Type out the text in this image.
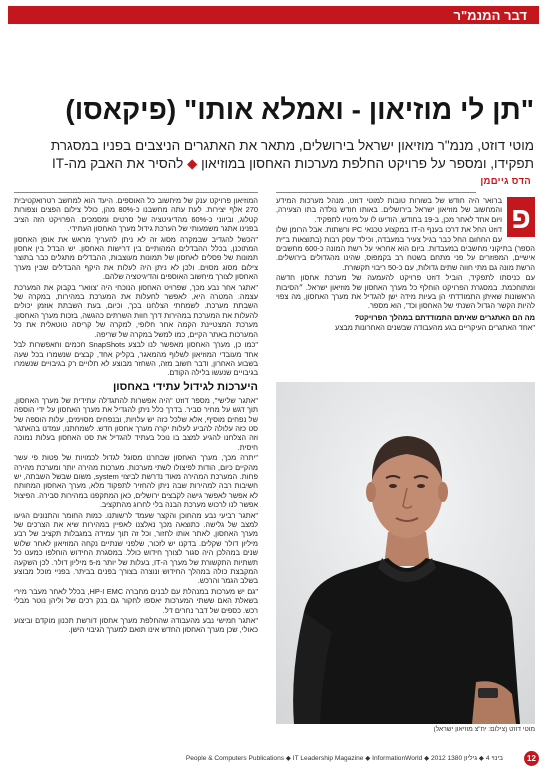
דבר המנמ"ר
"תן לי מוזיאון - ואמלא אותו" (פיקאסו)
מוטי דוזט, מנמ"ר מוזיאון ישראל בירושלים, מתאר את האתגרים הניצבים בפניו במסגרת
תפקידו, ומספר על פרויקט החלפת מערכות האחסון במוזיאון ◆ להסיר את האבק מה-IT
הדס גייםמן
פ

ברואר היה חודש של בשורות טובות למוטי דוזט, מנהל מערכות המידע והמחשוב של מוזיאון ישראל בירושלים. באותו חודש נולדה בתו הצעירה, ויום אחד לאחר מכן, ב-19 בחודש, הודיעו לו על מינויו לתפקיד.

דוזט החל את דרכו בענף ה-IT במקצוע טכנאי PC ורשתות. אבל הרומן שלו עם החחום החל כבר בגיל צעיר במעבדה, וכילד עסק רבות (בתוצאות ב"ית הספר) בתיקוני מחשבים במעבדות. ביום הוא אחראי על רשת המונה כ-600 מחשבים אישיים, המפוזרים על פני מתחם בשטח רב בקמפוס, שהינו מהגדולים בירושלים. הרשת מונה גם מתי חווה שתים גדולות, עם כ-50 ריבוי תקשורת.

עם כניסתו לתפקיד, הוביל דוזט פרויקט להעמעה של מערכת אחסון חדשה ומתוחכמת. במסגרת הפרויקט הוחלף כל מערך האחסון של מוזיאון ישראל. ״הסיבות הראשונות שאיתן התמודדתי הן בעיות מידה ישן להגדיל את מערך האחסון, מה צפוי להיות הקשר הגדול השנתי של האחסון וכד', הוא מספר.

מה הם האתגרים שאיתם התמודדתם במהלך הפרויקט?

"אחד האתגרים העיקריים בגע מהעבודה שבשנים האחרונות מבצע

המוזיאון פרויקט ענק של מיחשוב כל האוספים. היעד הוא למחשב רטרואקטיבית 270 אלף יצירות. לעת עתה מחשבנו כ-80% מהן, כולל צילום הפצים וצפורות קטלוג, וביווני כ-60% מהדיגיטציה של סרטים ומסמכים. הפרויקט הזה הציב בפנינו אתגר משמעותי של הערכת גידול מערך האחסון העתידי.

"הכשל להגדיב שבמקרה מסוג זה לא ניתן להעריך מראש את אופן האחסון המתוכנן, בכלל ההבדלים המהותיים בין דרישות האחסון. יש הבדל בין אחסון תמונות של פסלים לאחסון של תמונות מעוצבות, ההבדלים מתגלים כבר בתוצר צילום מסוג מסוים. ולכן לא ניתן היה לעלות את היקף ההבדלים שבין מערך האחסון לצורך מיחשוב האוספים והדיגיטציה שלהם.

"אתגר אחר נבע מכך, שפרויט האחסון הנוכחי היה 'צוואר' בקבוק את המערכת עצמה. המטרה היא, לאפשר לחעלות את המערכת במהירות, במקרה של השבתת מערכת. לשמחתי הצלחנו בכך, וכיום, בעת השבתת אוזמן יכולים להעלות את המערכת במהירות דרך חוות השרתים כהגשה, בזכות מערך האחסון. מערכת המצטיינת הקמה אחר חלופי, למקרה של קריסה טוטאלית את כל המערכות באתר הקיים, כמו למשל במקרה של שריפה.

"כמו כן, מערך האחסון מאפשר לנו לבצע SnapShots חכמים וחאפשרות לבל אחד מעובדי המוזיאון לשלוף מהמאגר, בקליק אחד, קבצים שנשמרו בכל שעה בשבוע האחרון, ודבר חשוב מזה, השחזר מבוצע לא תלויים רק בגיבויים שנשמרו בגיבויים שנעשו בלילה הקודם.

היערכות לגידול עתידי באחסון

"אתגר שלישי", מספר דוזט "היה אפשרות להתגדלה עתידית של מערך האחסון, תוך דגש על מחיר סביר. בדרך כלל ניתן להגדיל את מערך האחסון על ידי הוספה של נפחים מוסיף, אלא שלכל כזה יש עלויות, ובנפחים מסוימים, עלות הוספה של סט כזה עלולה להביע לעלות יקרה מערך אחסון חדש. לשמחתנו, עמדנו בהאתגר וזה הצלחנו להגיע למצב בו נוכל בעתיד להגדיל את סט האחסון בעלות נמוכה חיסית.

"יתרה מכך, מערך האחסון שבחרנו מסוגל לגדול לכמויות של פטות פי עשר מהקיים כיום, הודות לפיצולו לשתי מערכות. מערכות מהירה יותר ומערכת מהירה פחות. המערכת המהירה מאוד נדרשת לביצוי system, משום שבשל השבתה, יש חשיבות רבה למהירות שבה ניתן להחזיר לתפקוד מלא, מערך האחסון המחותח לא אפשר לאפשר גישה לקבצים ירושלים, כאן המתקפנו במהירות סבירה. הפיצול אפשר לנו לרכוש מערכת הבנה בלי לחרוג מהתקציב.

"אתגר רביעי נבע מהחוכן והקצר שעמד לרשותנו. כמות החומר והתנונים הגיעו למצב של גלישה. כתוצאה מכך נאלצנו לאפיין במהירות שיא את הצרכים של מערך האחסון, לאתר אותו לחזור, וכל זה תוך עמידה במגבלות תקציב של רבע מיליון דולר שקלים. בדקנו יש לזכור, שלפני שנתיים נקחה המוזיאון לאחר שלוש שנים במהלכן היה סגור לצורך חידוש כולל. במסגרת החידוש הוחלפו כמעט כל תשתיות התקשורת של מערך ה-IT, בעלות של יותר מ-5 מיליון דולר. לכן השקעה המקבצת כולה במהלך החידוש ונוצרה בצורך בפנים בביתר. בפניי מוכל מבוצע בשלב הגמר והרכש.

"גם יש מערכות במנהלת עם לבנים מחברה HP-I EMC, בכלל לאחר מעבר מירי בשאלת האם ששתי המערכות יאספו לחקור גם בנק רכים של וליהן נוטר מבלי רכש. כספים של דבר נחרים דל.

"אתגר חמישי נבע מהעבודה שהחלפת מערך אחסון דורשת תכנון מוקדם וביצוע כאולי, שכן מערך האחסון החדש אינו תואם למערך הגיבוי הישן.

מוטי דוזט (צילום: יח"צ מוזיאון ישראל)
People & Computers Publications ◆ IT Leadership Magazine ◆ InformationWorld ◆ 2012 בינוי 4 ◆ גיליון 1380	12
